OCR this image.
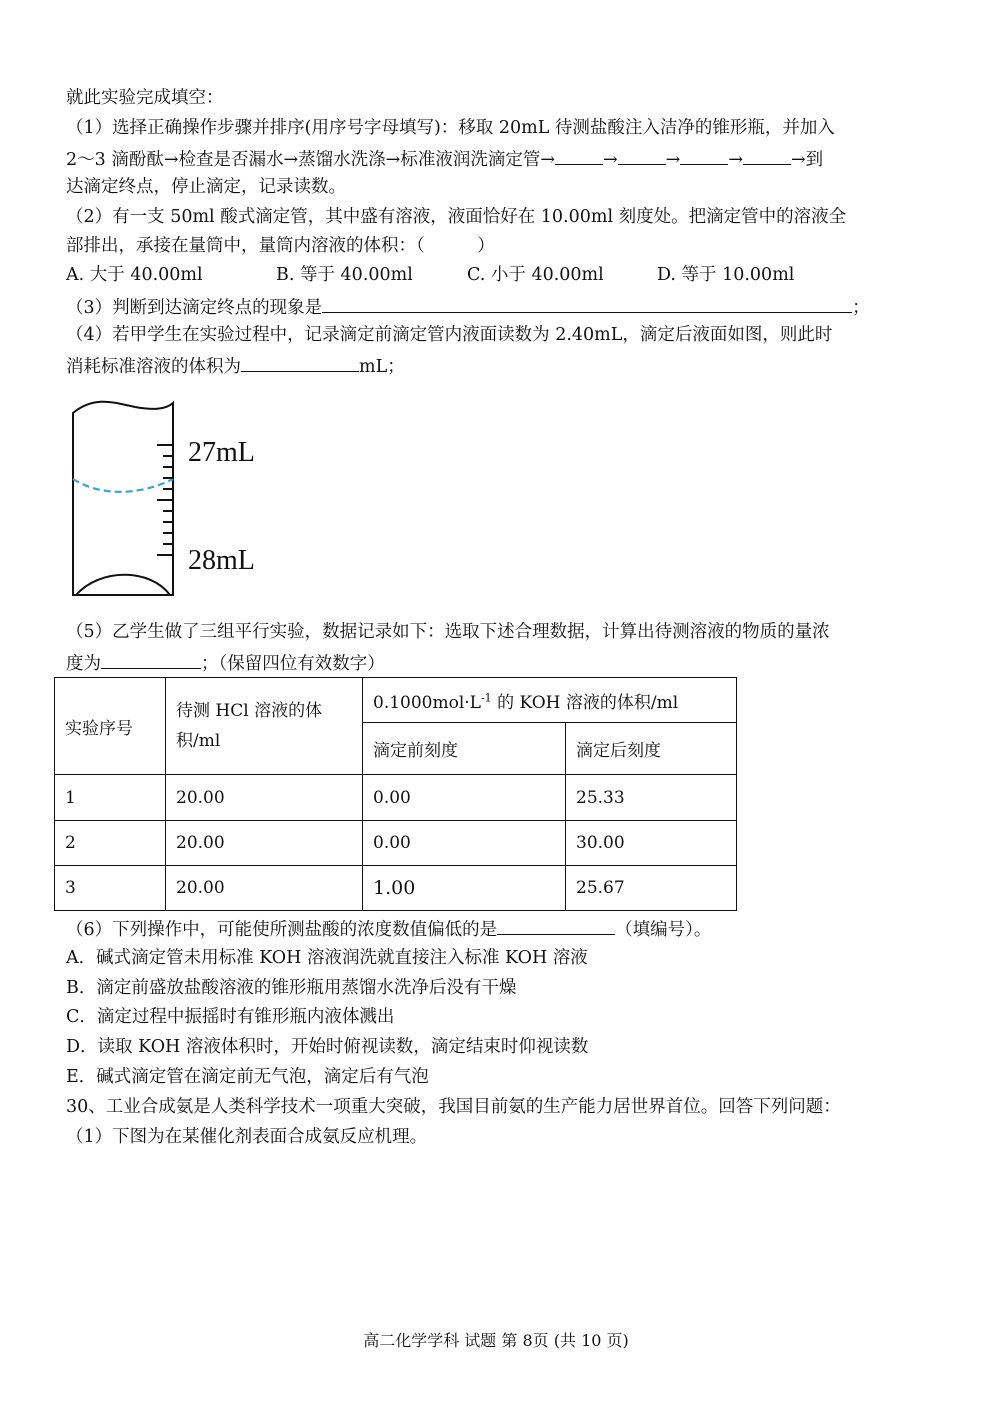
就此实验完成填空：
（1）选择正确操作步骤并排序(用序号字母填写)：移取 20mL 待测盐酸注入洁净的锥形瓶，并加入
2～3 滴酚酞→检查是否漏水→蒸馏水洗涤→标准液润洗滴定管→	→	→	→	→到
达滴定终点，停止滴定，记录读数。
（2）有一支 50ml 酸式滴定管，其中盛有溶液，液面恰好在 10.00ml 刻度处。把滴定管中的溶液全
部排出，承接在量筒中，量筒内溶液的体积：（　　　）
A. 大于 40.00ml	B. 等于 40.00ml	C. 小于 40.00ml	D. 等于 10.00ml
（3）判断到达滴定终点的现象是	；
（4）若甲学生在实验过程中，记录滴定前滴定管内液面读数为 2.40mL，滴定后液面如图，则此时
消耗标准溶液的体积为	mL；
27mL
28mL
（5）乙学生做了三组平行实验，数据记录如下：选取下述合理数据，计算出待测溶液的物质的量浓
度为	；（保留四位有效数字）
实验序号	待测 HCl 溶液的体积/ml	$0.1000mol\cdot L^{-1}$ 的 KOH 溶液的体积/ml	
		滴定前刻度	滴定后刻度
1	20.00	0.00	25.33
2	20.00	0.00	30.00
3	20.00	1.00	25.67
（6）下列操作中，可能使所测盐酸的浓度数值偏低的是	（填编号）。
A．碱式滴定管未用标准 KOH 溶液润洗就直接注入标准 KOH 溶液
B．滴定前盛放盐酸溶液的锥形瓶用蒸馏水洗净后没有干燥
C．滴定过程中振摇时有锥形瓶内液体溅出
D．读取 KOH 溶液体积时，开始时俯视读数，滴定结束时仰视读数
E．碱式滴定管在滴定前无气泡，滴定后有气泡
30、工业合成氨是人类科学技术一项重大突破，我国目前氨的生产能力居世界首位。回答下列问题：
（1）下图为在某催化剂表面合成氨反应机理。
高二化学学科 试题 第 8页 (共 10 页)
